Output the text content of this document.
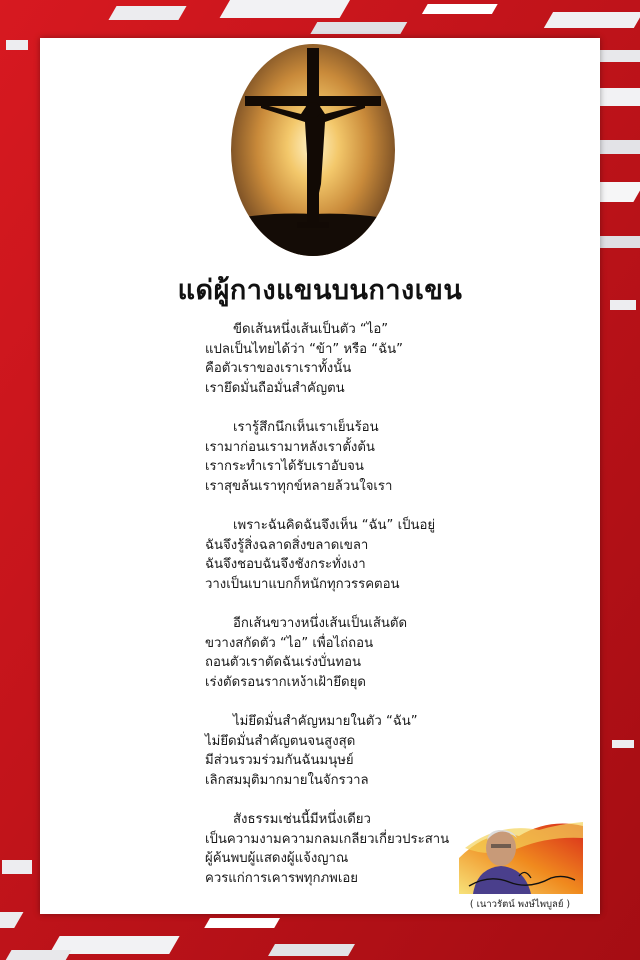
แด่ผู้กางแขนบนกางเขน
ขีดเส้นหนึ่งเส้นเป็นตัว “ไอ”
แปลเป็นไทยได้ว่า “ข้า” หรือ “ฉัน”
คือตัวเราของเราเราทั้งนั้น
เรายึดมั่นถือมั่นสำคัญตน
เรารู้สึกนึกเห็นเราเย็นร้อน
เรามาก่อนเรามาหลังเราตั้งต้น
เรากระทำเราได้รับเราอับจน
เราสุขล้นเราทุกข์หลายล้วนใจเรา
เพราะฉันคิดฉันจึงเห็น “ฉัน” เป็นอยู่
ฉันจึงรู้สิ่งฉลาดสิ่งขลาดเขลา
ฉันจึงชอบฉันจึงชังกระทั่งเงา
วางเป็นเบาแบกก็หนักทุกวรรคตอน
อีกเส้นขวางหนึ่งเส้นเป็นเส้นตัด
ขวางสกัดตัว “ไอ” เพื่อไถ่ถอน
ถอนตัวเราตัดฉันเร่งบั่นทอน
เร่งตัดรอนรากเหง้าเฝ้ายึดยุด
ไม่ยึดมั่นสำคัญหมายในตัว “ฉัน”
ไม่ยึดมั่นสำคัญตนจนสูงสุด
มีส่วนรวมร่วมกันฉันมนุษย์
เลิกสมมุติมากมายในจักรวาล
สังธรรมเช่นนี้มีหนึ่งเดียว
เป็นความงามความกลมเกลียวเกี่ยวประสาน
ผู้ค้นพบผู้แสดงผู้แจ้งญาณ
ควรแก่การเคารพทุกภพเอย
( เนาวรัตน์ พงษ์ไพบูลย์ )
